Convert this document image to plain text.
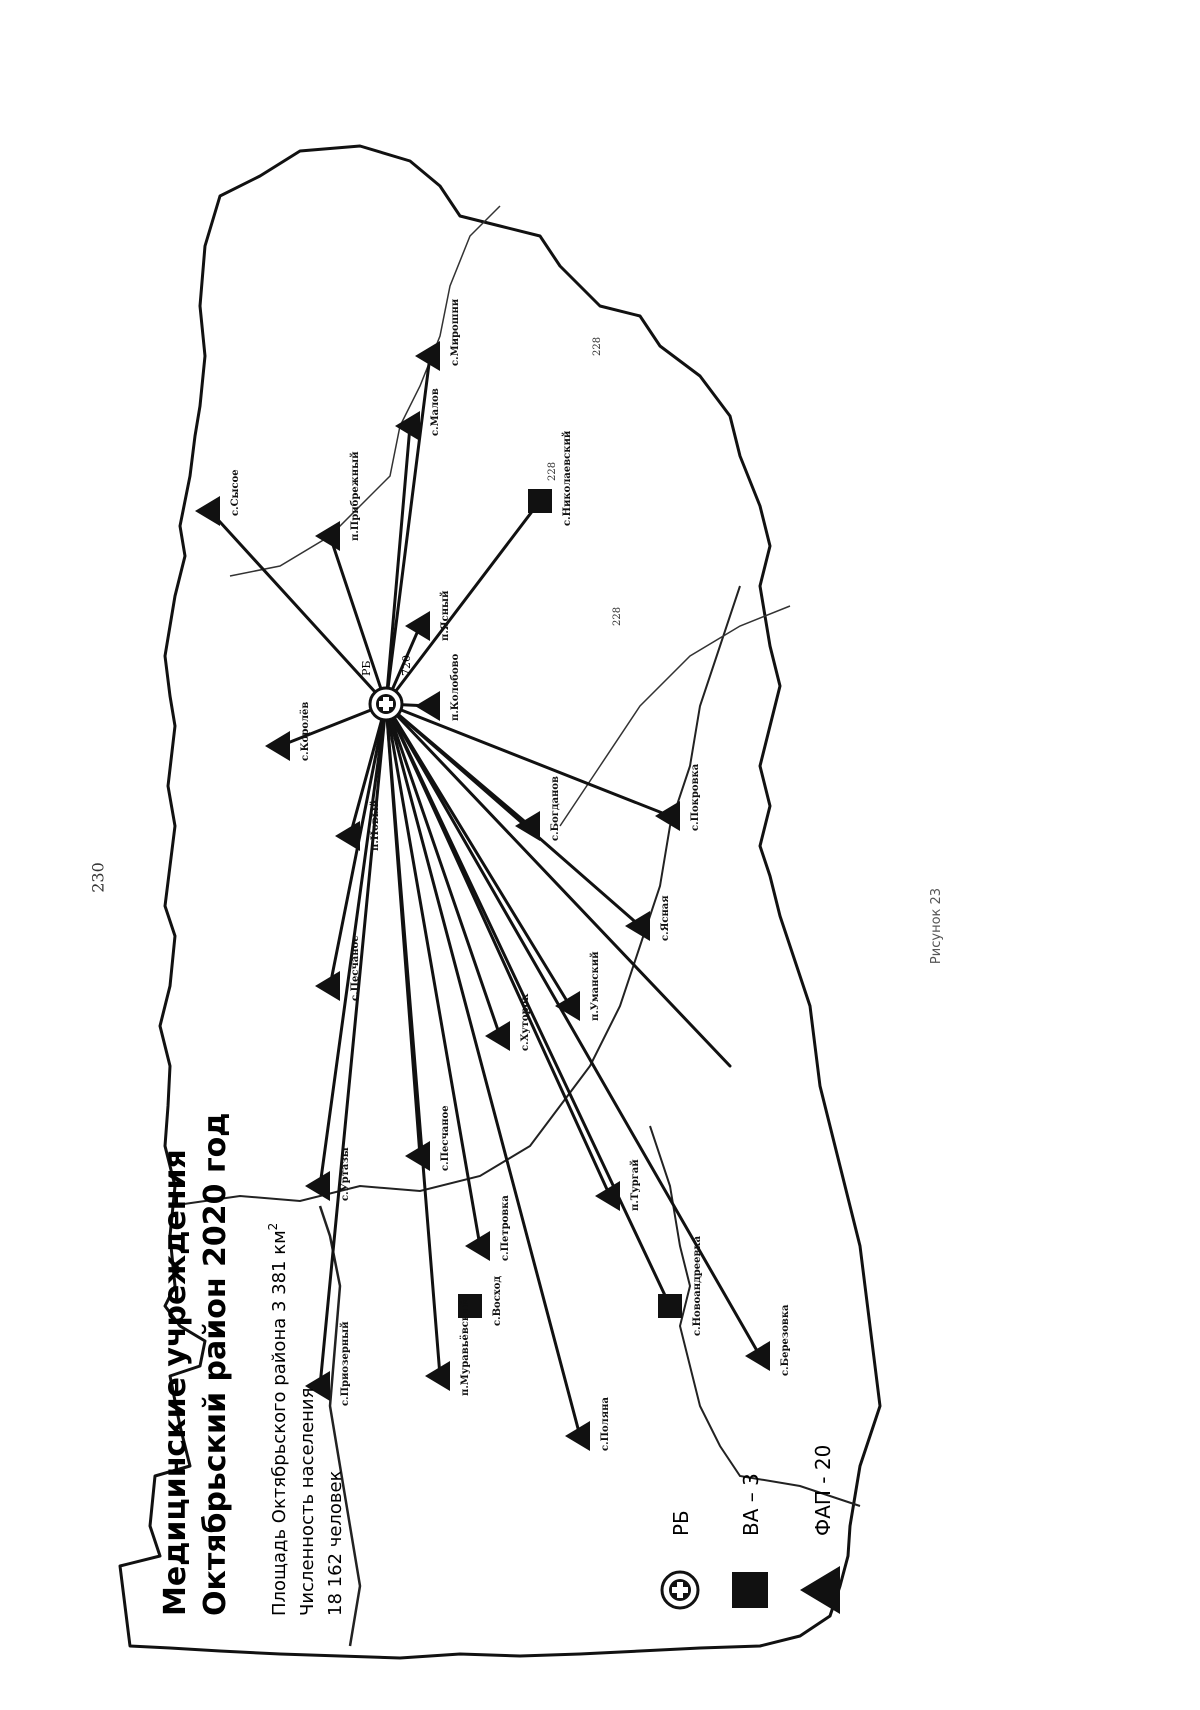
230
РБ 720
с.Сысое	п.Прибрежный
с.Мирошни
с.Малов
с.Николаевский
п.Ясный
п.Колобово
с.Королёв
п.Новый
с.Песчаное
с.Уртазы
с.Приозерный
с.Песчаное
п.Муравьёвский
с.Петровка
с.Поляна
с.Хуторок
с.Богданов
п.Уманский
п.Тургай
с.Покровка
с.Восход	с.Новоандреевка
с.Березовка
с.Ясная
228
228
228
Рисунок 23
Медицинские учреждения Октябрьский район 2020 год Площадь Октябрьского района 3 381 $км^2$
Численность населения 18 162 человек	РБ ВА – 3 ФАП - 20
